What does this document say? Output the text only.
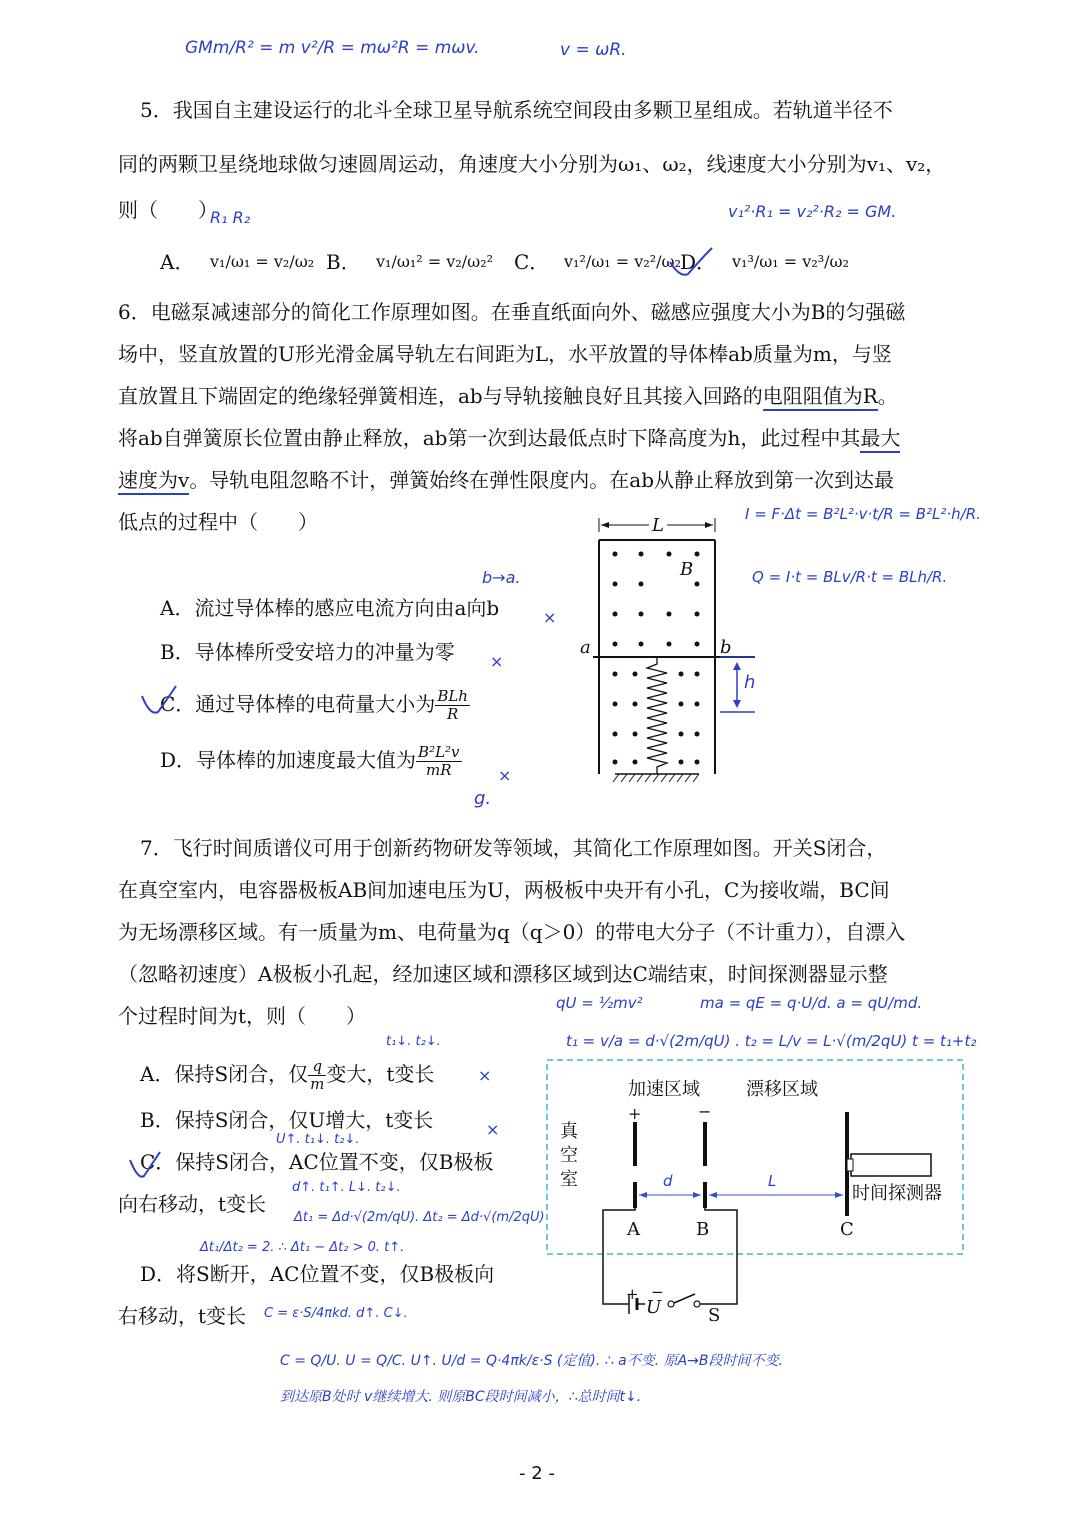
GMm/R² = m v²/R = mω²R = mωv.	v = ωR.
5．我国自主建设运行的北斗全球卫星导航系统空间段由多颗卫星组成。若轨道半径不
同的两颗卫星绕地球做匀速圆周运动，角速度大小分别为ω₁、ω₂，线速度大小分别为v₁、v₂，
则（　　）
R₁ R₂	v₁²·R₁ = v₂²·R₂ = GM.
A． v₁/ω₁ = v₂/ω₂ B． v₁/ω₁² = v₂/ω₂² C． v₁²/ω₁ = v₂²/ω₂
D． v₁³/ω₁ = v₂³/ω₂
6．电磁泵减速部分的简化工作原理如图。在垂直纸面向外、磁感应强度大小为B的匀强磁
场中，竖直放置的U形光滑金属导轨左右间距为L，水平放置的导体棒ab质量为m，与竖
直放置且下端固定的绝缘轻弹簧相连，ab与导轨接触良好且其接入回路的电阻阻值为R。
将ab自弹簧原长位置由静止释放，ab第一次到达最低点时下降高度为h，此过程中其最大
速度为v。导轨电阻忽略不计，弹簧始终在弹性限度内。在ab从静止释放到第一次到达最
低点的过程中（　　）	I = F·Δt = B²L²·v·t/R = B²L²·h/R.
Q = I·t = BLv/R·t = BLh/R.
b→a.
A．流过导体棒的感应电流方向由a向b	×
B．导体棒所受安培力的冲量为零 ×
C．通过导体棒的电荷量大小为 $\frac{\text{BLh}}{R}$
D．导体棒的加速度最大值为 $\frac{\text{B²L²v}}{mR}$ ×
g.
L
B
a	b
h
7．飞行时间质谱仪可用于创新药物研发等领域，其简化工作原理如图。开关S闭合，
在真空室内，电容器极板AB间加速电压为U，两极板中央开有小孔，C为接收端，BC间
为无场漂移区域。有一质量为m、电荷量为q（q＞0）的带电大分子（不计重力），自漂入
（忽略初速度）A极板小孔起，经加速区域和漂移区域到达C端结束，时间探测器显示整
个过程时间为t，则（　　）
qU = ½mv²	ma = qE = q·U/d. a = qU/md.
t₁ = v/a = d·√(2m/qU) . t₂ = L/v = L·√(m/2qU) t = t₁+t₂
t₁↓. t₂↓.
A．保持S闭合，仅 $\frac{q}{m}$ 变大，t变长	×
B．保持S闭合，仅U增大，t变长	×
U↑. t₁↓. t₂↓.
C．保持S闭合，AC位置不变，仅B极板
d↑. t₁↑. L↓. t₂↓.
向右移动，t变长
Δt₁ = Δd·√(2m/qU). Δt₂ = Δd·√(m/2qU)
Δt₁/Δt₂ = 2. ∴ Δt₁ − Δt₂ > 0. t↑.
D．将S断开，AC位置不变，仅B极板向
右移动，t变长 C = ε·S/4πkd. d↑. C↓.
C = Q/U. U = Q/C. U↑. U/d = Q·4πk/ε·S (定值). ∴ a不变. 原A→B段时间不变.
到达原B处时 v继续增大. 则原BC段时间减小，∴总时间t↓.
加速区域	漂移区域
+	−
真空室
时间探测器
A	B	C
d	L
+ −
U	S
- 2 -
